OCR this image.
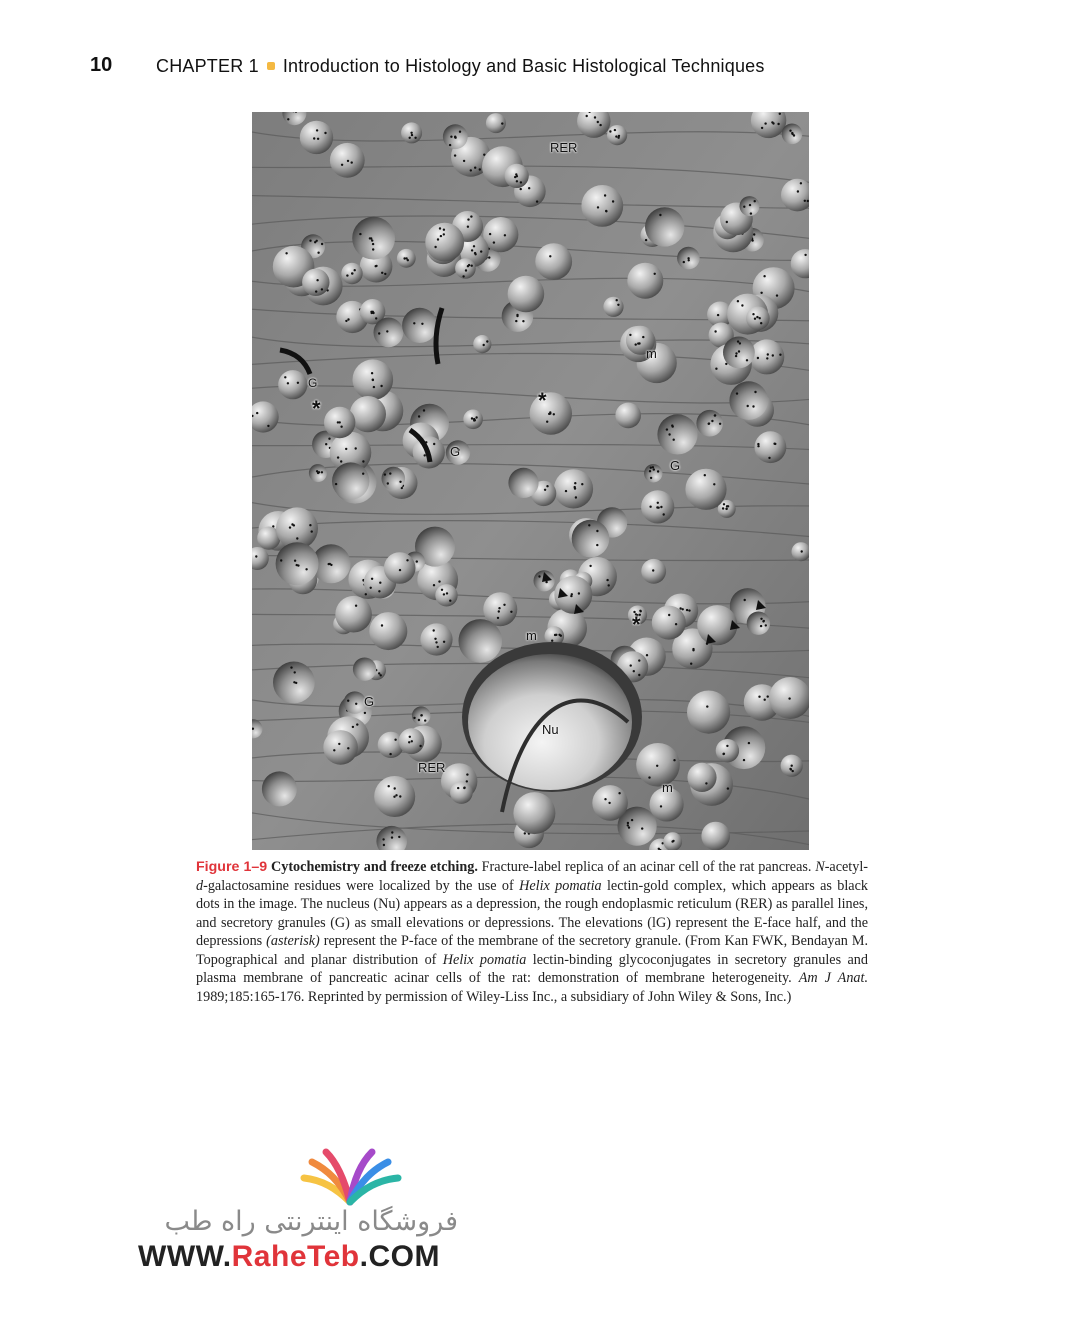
10 CHAPTER 1 Introduction to Histology and Basic Histological Techniques
RER
m
G
*	*
G
G
m	*
G
Nu
RER
m
Figure 1–9 Cytochemistry and freeze etching. Fracture-label replica of an acinar cell of the rat pancreas. N-acetyl-d-galactosamine residues were localized by the use of Helix pomatia lectin-gold complex, which appears as black dots in the image. The nucleus (Nu) appears as a depression, the rough endoplasmic reticulum (RER) as parallel lines, and secretory granules (G) as small elevations or depressions. The elevations (lG) represent the E-face half, and the depressions (asterisk) represent the P-face of the membrane of the secretory granule. (From Kan FWK, Bendayan M. Topographical and planar distribution of Helix pomatia lectin-binding glycoconjugates in secretory granules and plasma membrane of pancreatic acinar cells of the rat: demonstration of membrane heterogeneity. Am J Anat. 1989;185:165-176. Reprinted by permission of Wiley-Liss Inc., a subsidiary of John Wiley & Sons, Inc.)
فروشگاه اینترنتی راه طب
WWW.RaheTeb.COM
